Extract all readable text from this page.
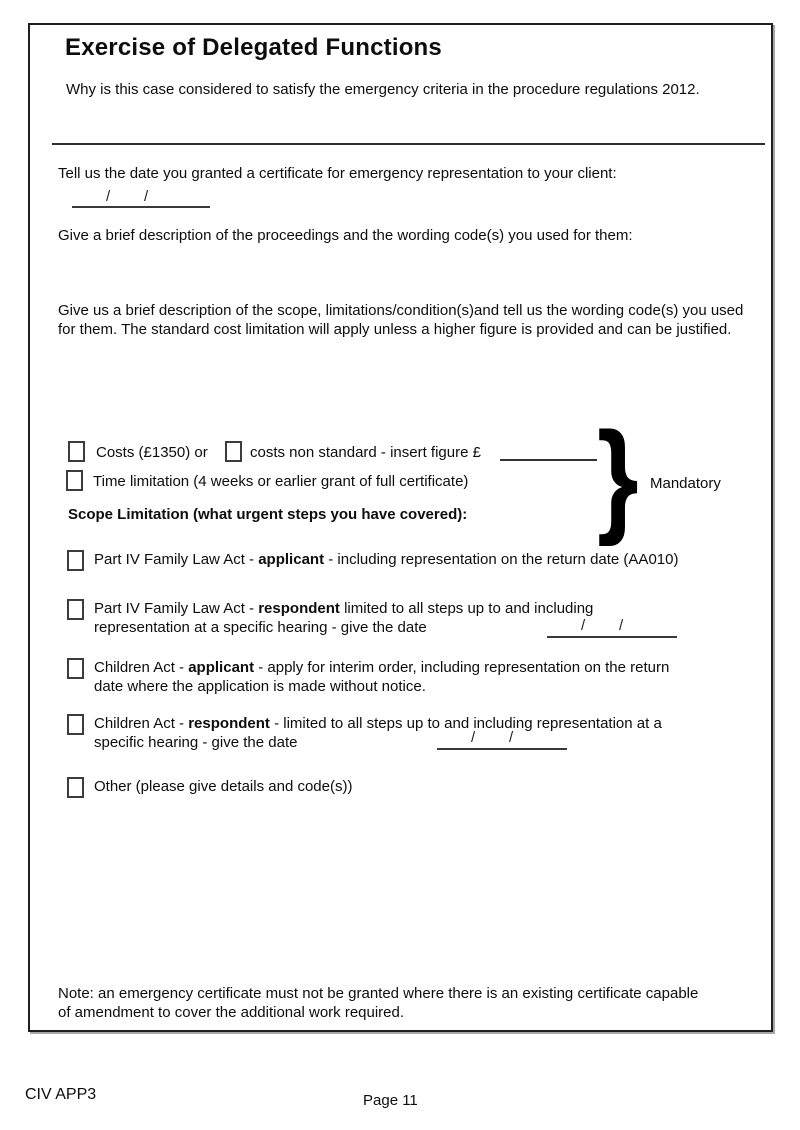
Exercise of Delegated Functions
Why is this case considered to satisfy the emergency criteria in the procedure regulations 2012.
Tell us the date you granted a certificate for emergency representation to your client:
/ /
Give a brief description of the proceedings and the wording code(s) you used for them:
Give us a brief description of the scope, limitations/condition(s)and tell us the wording code(s) you used for them. The standard cost limitation will apply unless a higher figure is provided and can be justified.
Costs (£1350) or	costs non standard - insert figure £
Time limitation (4 weeks or earlier grant of full certificate) } Mandatory
Scope Limitation (what urgent steps you have covered):
Part IV Family Law Act - applicant - including representation on the return date (AA010)
Part IV Family Law Act - respondent limited to all steps up to and including
representation at a specific hearing - give the date	/ /
Children Act - applicant - apply for interim order, including representation on the return
date where the application is made without notice.
Children Act - respondent - limited to all steps up to and including representation at a
specific hearing - give the date	/ /
Other (please give details and code(s))
Note: an emergency certificate must not be granted where there is an existing certificate capable of amendment to cover the additional work required.
CIV APP3	Page 11
